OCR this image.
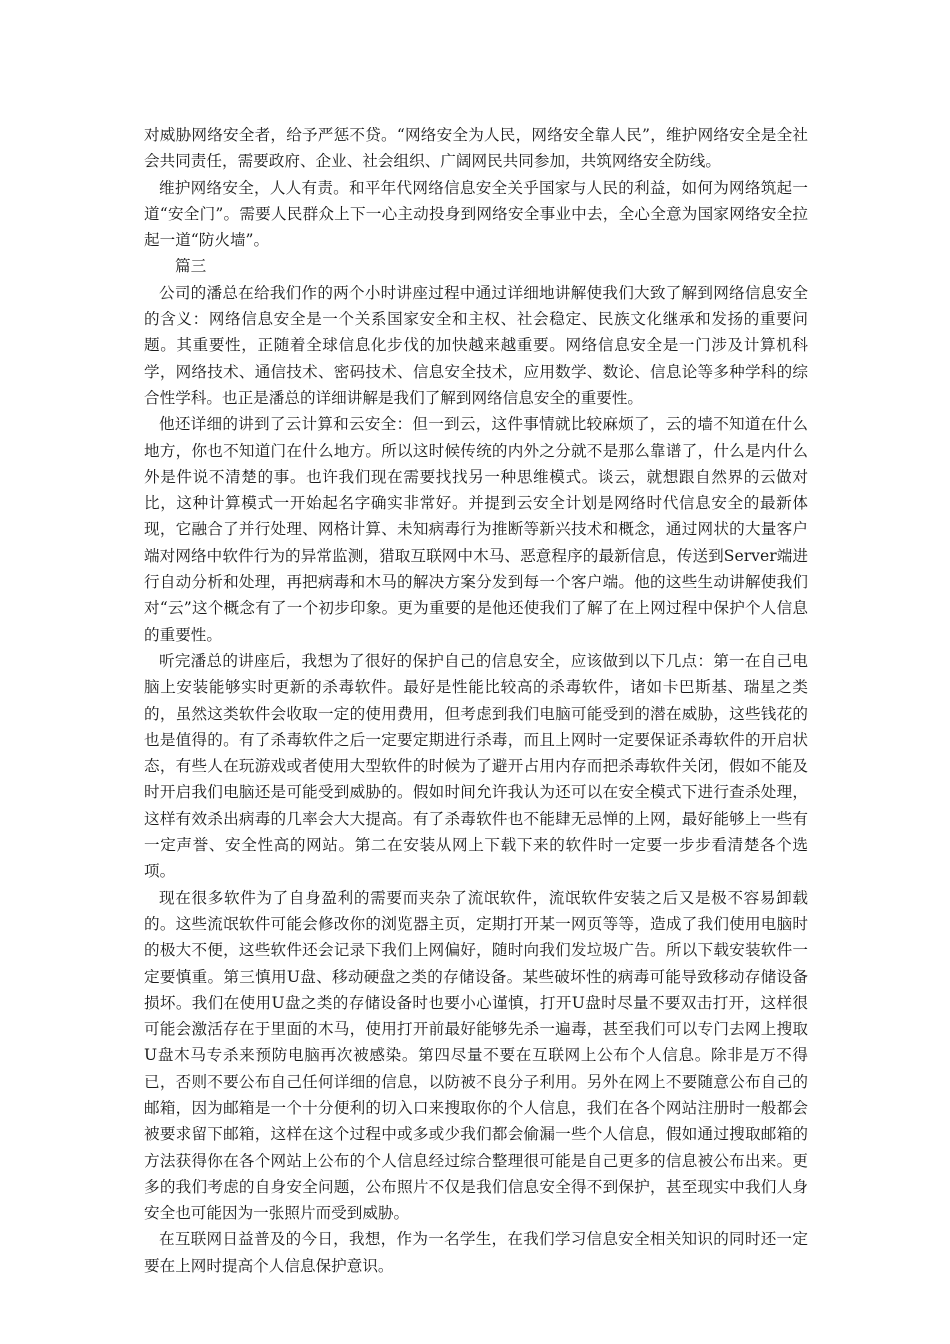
对威胁网络安全者，给予严惩不贷。“网络安全为人民，网络安全靠人民”，维护网络安全是全社会共同责任，需要政府、企业、社会组织、广阔网民共同参加，共筑网络安全防线。

维护网络安全，人人有责。和平年代网络信息安全关乎国家与人民的利益，如何为网络筑起一道“安全门”。需要人民群众上下一心主动投身到网络安全事业中去，全心全意为国家网络安全拉起一道“防火墙”。

篇三

公司的潘总在给我们作的两个小时讲座过程中通过详细地讲解使我们大致了解到网络信息安全的含义：网络信息安全是一个关系国家安全和主权、社会稳定、民族文化继承和发扬的重要问题。其重要性，正随着全球信息化步伐的加快越来越重要。网络信息安全是一门涉及计算机科学，网络技术、通信技术、密码技术、信息安全技术，应用数学、数论、信息论等多种学科的综合性学科。也正是潘总的详细讲解是我们了解到网络信息安全的重要性。

他还详细的讲到了云计算和云安全：但一到云，这件事情就比较麻烦了，云的墙不知道在什么地方，你也不知道门在什么地方。所以这时候传统的内外之分就不是那么靠谱了，什么是内什么外是件说不清楚的事。也许我们现在需要找找另一种思维模式。谈云，就想跟自然界的云做对比，这种计算模式一开始起名字确实非常好。并提到云安全计划是网络时代信息安全的最新体现，它融合了并行处理、网格计算、未知病毒行为推断等新兴技术和概念，通过网状的大量客户端对网络中软件行为的异常监测，猎取互联网中木马、恶意程序的最新信息，传送到Server端进行自动分析和处理，再把病毒和木马的解决方案分发到每一个客户端。他的这些生动讲解使我们对“云”这个概念有了一个初步印象。更为重要的是他还使我们了解了在上网过程中保护个人信息的重要性。

听完潘总的讲座后，我想为了很好的保护自己的信息安全，应该做到以下几点：第一在自己电脑上安装能够实时更新的杀毒软件。最好是性能比较高的杀毒软件，诸如卡巴斯基、瑞星之类的，虽然这类软件会收取一定的使用费用，但考虑到我们电脑可能受到的潜在威胁，这些钱花的也是值得的。有了杀毒软件之后一定要定期进行杀毒，而且上网时一定要保证杀毒软件的开启状态，有些人在玩游戏或者使用大型软件的时候为了避开占用内存而把杀毒软件关闭，假如不能及时开启我们电脑还是可能受到威胁的。假如时间允许我认为还可以在安全模式下进行查杀处理，这样有效杀出病毒的几率会大大提高。有了杀毒软件也不能肆无忌惮的上网，最好能够上一些有一定声誉、安全性高的网站。第二在安装从网上下载下来的软件时一定要一步步看清楚各个选项。

现在很多软件为了自身盈利的需要而夹杂了流氓软件，流氓软件安装之后又是极不容易卸载的。这些流氓软件可能会修改你的浏览器主页，定期打开某一网页等等，造成了我们使用电脑时的极大不便，这些软件还会记录下我们上网偏好，随时向我们发垃圾广告。所以下载安装软件一定要慎重。第三慎用U盘、移动硬盘之类的存储设备。某些破坏性的病毒可能导致移动存储设备损坏。我们在使用U盘之类的存储设备时也要小心谨慎，打开U盘时尽量不要双击打开，这样很可能会激活存在于里面的木马，使用打开前最好能够先杀一遍毒，甚至我们可以专门去网上搜取U盘木马专杀来预防电脑再次被感染。第四尽量不要在互联网上公布个人信息。除非是万不得已，否则不要公布自己任何详细的信息，以防被不良分子利用。另外在网上不要随意公布自己的邮箱，因为邮箱是一个十分便利的切入口来搜取你的个人信息，我们在各个网站注册时一般都会被要求留下邮箱，这样在这个过程中或多或少我们都会偷漏一些个人信息，假如通过搜取邮箱的方法获得你在各个网站上公布的个人信息经过综合整理很可能是自己更多的信息被公布出来。更多的我们考虑的自身安全问题，公布照片不仅是我们信息安全得不到保护，甚至现实中我们人身安全也可能因为一张照片而受到威胁。

在互联网日益普及的今日，我想，作为一名学生，在我们学习信息安全相关知识的同时还一定要在上网时提高个人信息保护意识。
